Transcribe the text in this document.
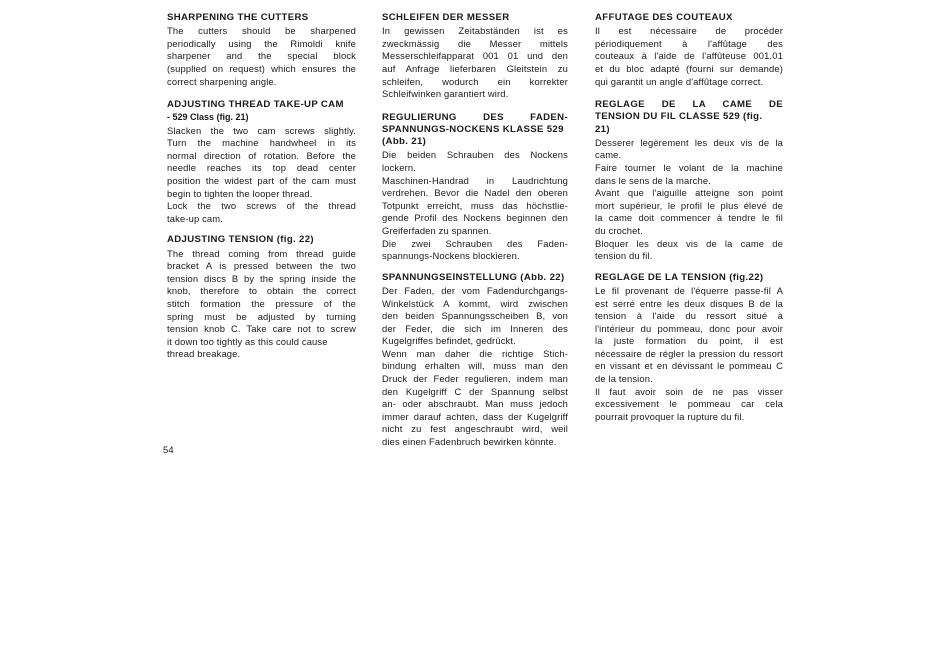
SHARPENING THE CUTTERS
The cutters should be sharpened
periodically using the Rimoldi knife
sharpener and the special block
(supplied on request) which ensures the
correct sharpening angle.
ADJUSTING THREAD TAKE-UP CAM
- 529 Class (fig. 21)
Slacken the two cam screws slightly.
Turn the machine handwheel in its
normal direction of rotation. Before the
needle reaches its top dead center
position the widest part of the cam must
begin to tighten the looper thread.
Lock the two screws of the thread
take-up cam.
ADJUSTING TENSION (fig. 22)
The thread coming from thread guide
bracket A is pressed between the two
tension discs B by the spring inside the
knob, therefore to obtain the correct
stitch formation the pressure of the
spring must be adjusted by turning
tension knob C. Take care not to screw
it down too tightly as this could cause
thread breakage.
SCHLEIFEN DER MESSER
In gewissen Zeitabständen ist es
zweckmässig die Messer mittels
Messerschleifapparat 001 01 und den
auf Anfrage lieferbaren Gleitstein zu
schleifen, wodurch ein korrekter
Schleifwinken garantiert wird.
REGULIERUNG DES FADEN-
SPANNUNGS-NOCKENS KLASSE 529
(Abb. 21)
Die beiden Schrauben des Nockens
lockern.
Maschinen-Handrad in Laudrichtung
verdrehen. Bevor die Nadel den oberen
Totpunkt erreicht, muss das höchstlie-
gende Profil des Nockens beginnen den
Greiferfaden zu spannen.
Die zwei Schrauben des Faden-
spannungs-Nockens blockieren.
SPANNUNGSEINSTELLUNG (Abb. 22)
Der Faden, der vom Fadendurchgangs-
Winkelstück A kommt, wird zwischen
den beiden Spannungsscheiben B, von
der Feder, die sich im Inneren des
Kugelgriffes befindet, gedrückt.
Wenn man daher die richtige Stich-
bindung erhalten will, muss man den
Druck der Feder regulieren, indem man
den Kugelgriff C der Spannung selbst
an- oder abschraubt. Man muss jedoch
immer darauf achten, dass der Kugelgriff
nicht zu fest angeschraubt wird, weil
dies einen Fadenbruch bewirken könnte.
AFFUTAGE DES COUTEAUX
Il est nécessaire de procéder
périodiquement à l'affûtage des
couteaux à l'aide de l'affûteuse 001.01
et du bloc adapté (fourni sur demande)
qui garantit un angle d'affûtage correct.
REGLAGE DE LA CAME DE
TENSION DU FIL CLASSE 529 (fig.
21)
Desserer legèrement les deux vis de la
came.
Faire tourner le volant de la machine
dans le sens de la marche.
Avant que l'aiguille atteigne son point
mort supérieur, le profil le plus élevé de
la came doit commencer à tendre le fil
du crochet.
Bloquer les deux vis de la came de
tension du fil.
REGLAGE DE LA TENSION (fig.22)
Le fil provenant de l'équerre passe-fil A
est serré entre les deux disques B de la
tension à l'aide du ressort situé à
l'intérieur du pommeau, donc pour avoir
la juste formation du point, il est
nécessaire de régler la pression du ressort
en vissant et en dévissant le pommeau C
de la tension.
Il faut avoir soin de ne pas visser
excessivement le pommeau car cela
pourrait provoquer la rupture du fil.
54
